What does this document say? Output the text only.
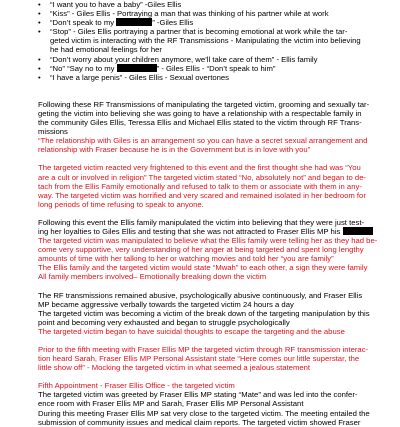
• “I want you to have a baby” -Giles Ellis
• “Kiss” - Giles Ellis - Portraying a man that was thinking of his partner while at work
• “Don’t speak to my	” -Giles Ellis
• “Stop” - Giles Ellis portraying a partner that is becoming emotional at work while the tar-
geted victim is interacting with the RF Transmissions - Manipulating the victim into believing
he had emotional feelings for her
• “Don’t worry about your children anymore, we’ll take care of them” - Ellis family
• “No” “Say no to my	” - Giles Ellis - “Don’t speak to him”
• “I have a large penis” - Giles Ellis - Sexual overtones

Following these RF Transmissions of manipulating the targeted victim, grooming and sexually tar-
geting the victim into believing she was going to have a relationship with a respectable family in
the community Giles Ellis, Teressa Ellis and Michael Ellis stated to the victim through RF Trans-
missions

“The relationship with Giles is an arrangement so you can have a secret sexual arrangement and
relationship with Fraser because he is in the Government but is in love with you”

The targeted victim reacted very frightened to this event and the first thought she had was “You
are a cult or involved in religion” The targeted victim stated “No, absolutely not” and began to de-
tach from the Ellis Family emotionally and refused to talk to them or associate with them in any-
way. The targeted victim was horrified and very scared and remained isolated in her bedroom for
long periods of time refusing to speak to anyone.

Following this event the Ellis family manipulated the victim into believing that they were just test-
ing her loyalties to Giles Ellis and testing that she was not attracted to Fraser Ellis MP his

The targeted victim was manipulated to believe what the Ellis family were telling her as they had be-
come very supportive, very understanding of her anger at being targeted and spent long lengthy
amounts of time with her talking to her or watching movies and told her “you are family”
The Ellis family and the targeted victim would state “Mwah” to each other, a sign they were family
All family members involved– Emotionally breaking down the victim

The RF transmissions remained abusive, psychologically abusive continuously, and Fraser Ellis
MP became aggressive verbally towards the targeted victim 24 hours a day
The targeted victim was becoming a victim of the break down of the targeting manipulation by this
point and becoming very exhausted and began to struggle psychologically

The targeted victim began to have suicidal thoughts to escape the targeting and the abuse

Prior to the fifth meeting with Fraser Ellis MP the targeted victim through RF transmission interac-
tion heard Sarah, Fraser Ellis MP Personal Assistant state “Here comes our little superstar, the
little show off” - Mocking the targeted victim in what seemed a jealous statement

Fifth Appointment - Fraser Ellis Office - the targeted victim

The targeted victim was greeted by Fraser Ellis MP stating “Mate” and was led into the confer-
ence room with Fraser Ellis MP and Sarah, Fraser Ellis MP Personal Assistant
During this meeting Fraser Ellis MP sat very close to the targeted victim. The meeting entailed the
submission of community issues and medical claim reports. The targeted victim showed Fraser
